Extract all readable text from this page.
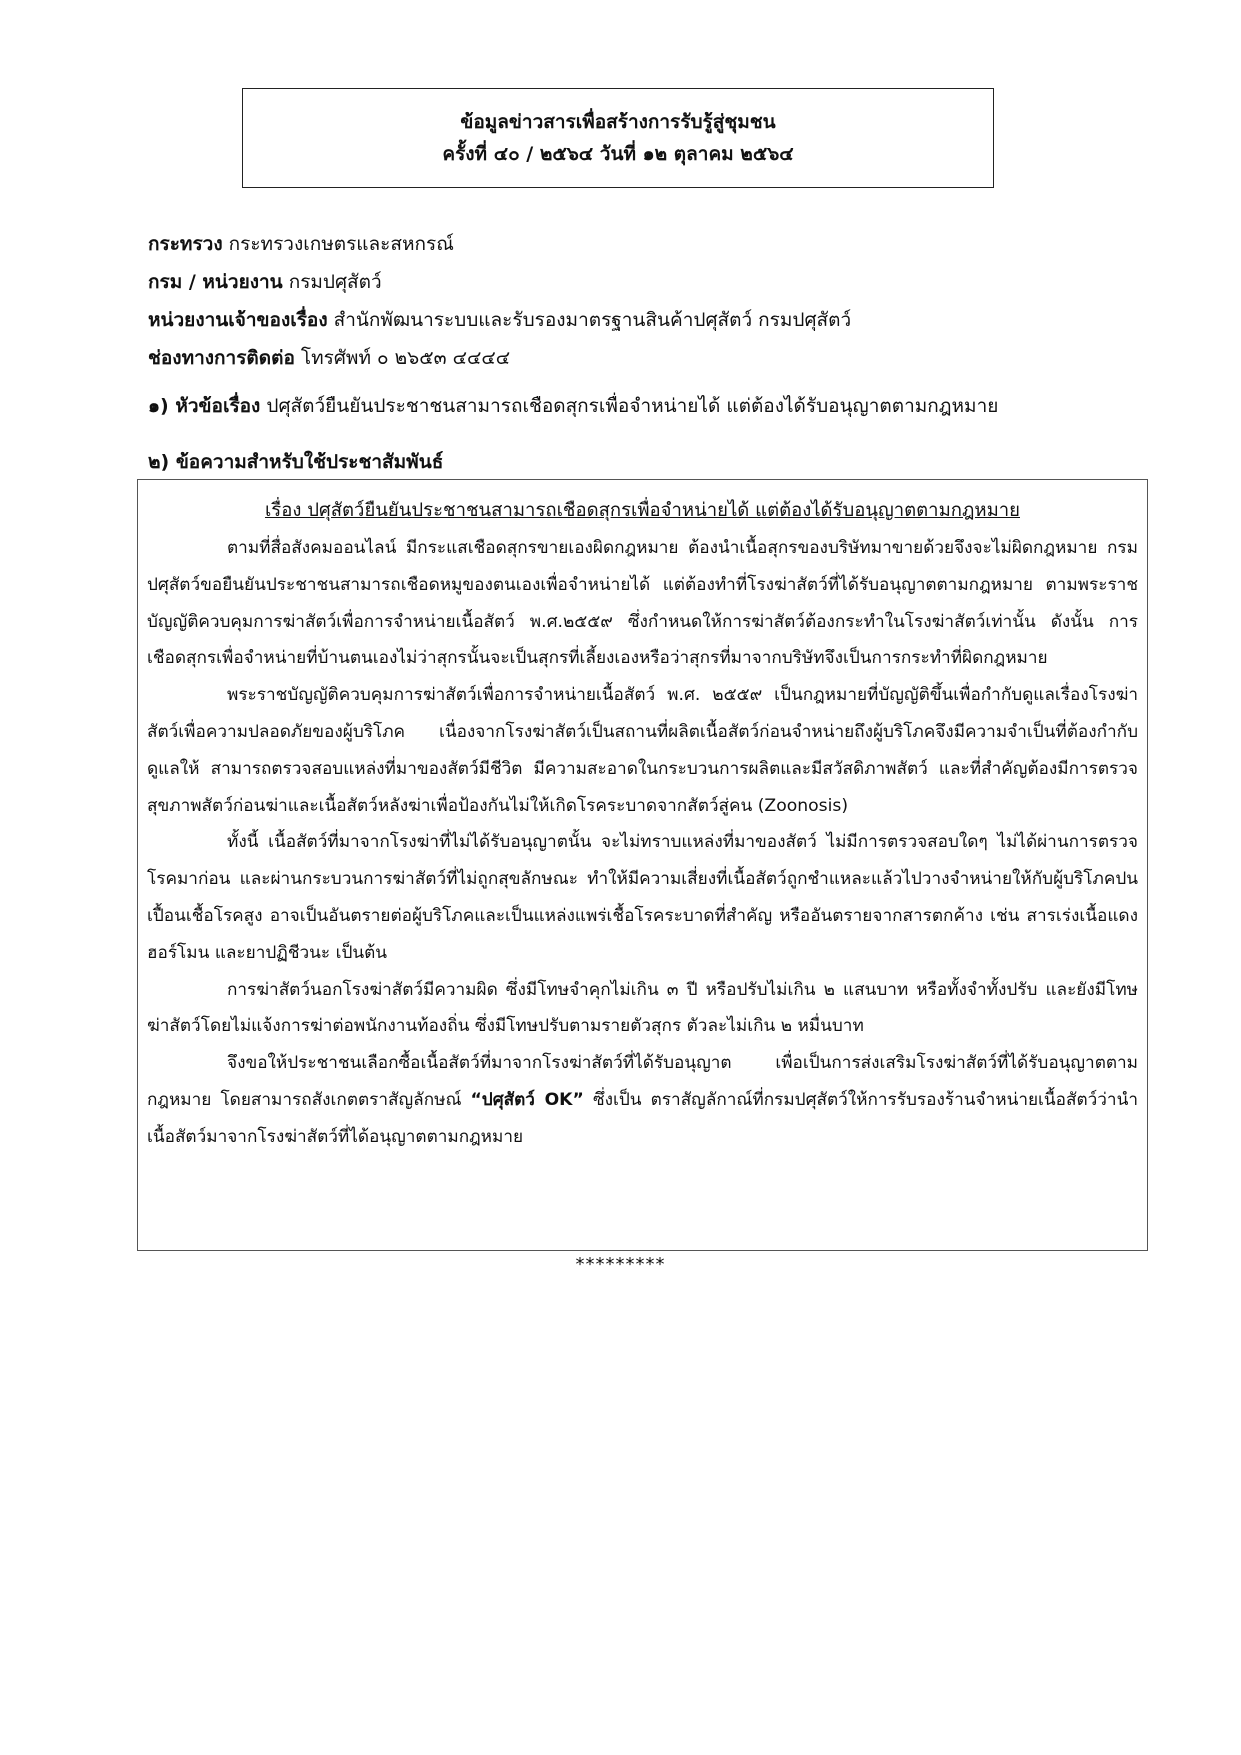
ข้อมูลข่าวสารเพื่อสร้างการรับรู้สู่ชุมชน
ครั้งที่ ๔๐ / ๒๕๖๔ วันที่ ๑๒ ตุลาคม ๒๕๖๔
กระทรวง กระทรวงเกษตรและสหกรณ์
กรม / หน่วยงาน กรมปศุสัตว์
หน่วยงานเจ้าของเรื่อง สำนักพัฒนาระบบและรับรองมาตรฐานสินค้าปศุสัตว์ กรมปศุสัตว์
ช่องทางการติดต่อ โทรศัพท์ ๐ ๒๖๕๓ ๔๔๔๔
๑) หัวข้อเรื่อง ปศุสัตว์ยืนยันประชาชนสามารถเชือดสุกรเพื่อจำหน่ายได้ แต่ต้องได้รับอนุญาตตามกฎหมาย
๒) ข้อความสำหรับใช้ประชาสัมพันธ์
เรื่อง ปศุสัตว์ยืนยันประชาชนสามารถเชือดสุกรเพื่อจำหน่ายได้ แต่ต้องได้รับอนุญาตตามกฎหมาย

ตามที่สื่อสังคมออนไลน์ มีกระแสเชือดสุกรขายเองผิดกฎหมาย ต้องนำเนื้อสุกรของบริษัทมาขายด้วยจึงจะไม่ผิดกฎหมาย กรมปศุสัตว์ขอยืนยันประชาชนสามารถเชือดหมูของตนเองเพื่อจำหน่ายได้ แต่ต้องทำที่โรงฆ่าสัตว์ที่ได้รับอนุญาตตามกฎหมาย ตามพระราชบัญญัติควบคุมการฆ่าสัตว์เพื่อการจำหน่ายเนื้อสัตว์ พ.ศ.๒๕๕๙ ซึ่งกำหนดให้การฆ่าสัตว์ต้องกระทำในโรงฆ่าสัตว์เท่านั้น ดังนั้น การเชือดสุกรเพื่อจำหน่ายที่บ้านตนเองไม่ว่าสุกรนั้นจะเป็นสุกรที่เลี้ยงเองหรือว่าสุกรที่มาจากบริษัทจึงเป็นการกระทำที่ผิดกฎหมาย

พระราชบัญญัติควบคุมการฆ่าสัตว์เพื่อการจำหน่ายเนื้อสัตว์ พ.ศ. ๒๕๕๙ เป็นกฎหมายที่บัญญัติขึ้นเพื่อกำกับดูแลเรื่องโรงฆ่าสัตว์เพื่อความปลอดภัยของผู้บริโภค เนื่องจากโรงฆ่าสัตว์เป็นสถานที่ผลิตเนื้อสัตว์ก่อนจำหน่ายถึงผู้บริโภคจึงมีความจำเป็นที่ต้องกำกับดูแลให้ สามารถตรวจสอบแหล่งที่มาของสัตว์มีชีวิต มีความสะอาดในกระบวนการผลิตและมีสวัสดิภาพสัตว์ และที่สำคัญต้องมีการตรวจสุขภาพสัตว์ก่อนฆ่าและเนื้อสัตว์หลังฆ่าเพื่อป้องกันไม่ให้เกิดโรคระบาดจากสัตว์สู่คน (Zoonosis)

ทั้งนี้ เนื้อสัตว์ที่มาจากโรงฆ่าที่ไม่ได้รับอนุญาตนั้น จะไม่ทราบแหล่งที่มาของสัตว์ ไม่มีการตรวจสอบใดๆ ไม่ได้ผ่านการตรวจโรคมาก่อน และผ่านกระบวนการฆ่าสัตว์ที่ไม่ถูกสุขลักษณะ ทำให้มีความเสี่ยงที่เนื้อสัตว์ถูกชำแหละแล้วไปวางจำหน่ายให้กับผู้บริโภคปนเปื้อนเชื้อโรคสูง อาจเป็นอันตรายต่อผู้บริโภคและเป็นแหล่งแพร่เชื้อโรคระบาดที่สำคัญ หรืออันตรายจากสารตกค้าง เช่น สารเร่งเนื้อแดง ฮอร์โมน และยาปฏิชีวนะ เป็นต้น

การฆ่าสัตว์นอกโรงฆ่าสัตว์มีความผิด ซึ่งมีโทษจำคุกไม่เกิน ๓ ปี หรือปรับไม่เกิน ๒ แสนบาท หรือทั้งจำทั้งปรับ และยังมีโทษฆ่าสัตว์โดยไม่แจ้งการฆ่าต่อพนักงานท้องถิ่น ซึ่งมีโทษปรับตามรายตัวสุกร ตัวละไม่เกิน ๒ หมื่นบาท

จึงขอให้ประชาชนเลือกซื้อเนื้อสัตว์ที่มาจากโรงฆ่าสัตว์ที่ได้รับอนุญาต เพื่อเป็นการส่งเสริมโรงฆ่าสัตว์ที่ได้รับอนุญาตตามกฎหมาย โดยสามารถสังเกตตราสัญลักษณ์ “ปศุสัตว์ OK” ซึ่งเป็น ตราสัญลักาณ์ที่กรมปศุสัตว์ให้การรับรองร้านจำหน่ายเนื้อสัตว์ว่านำเนื้อสัตว์มาจากโรงฆ่าสัตว์ที่ได้อนุญาตตามกฎหมาย

*********
